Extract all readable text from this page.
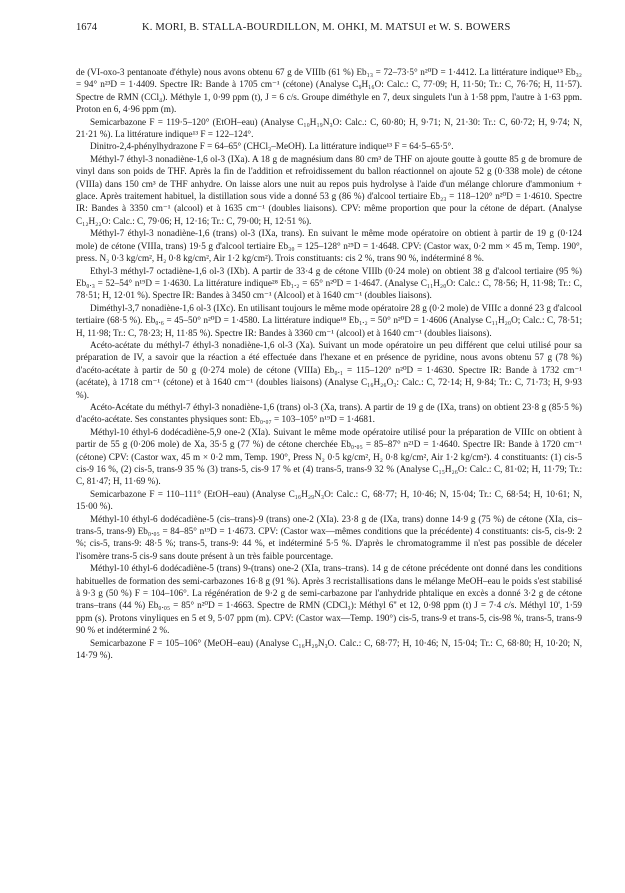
1674	K. MORI, B. STALLA-BOURDILLON, M. OHKI, M. MATSUI et W. S. BOWERS

de (VI-oxo-3 pentanoate d'éthyle) nous avons obtenu 67 g de VIIIb (61 %) Eb₁₃ = 72–73·5° n²⁰D = 1·4412. La littérature indique¹³ Eb₃₂ = 94° n²³D = 1·4409. Spectre IR: Bande à 1705 cm⁻¹ (cétone) (Analyse C₉H₁₆O: Calc.: C, 77·09; H, 11·50; Tr.: C, 76·76; H, 11·57). Spectre de RMN (CCl₄). Méthyle 1, 0·99 ppm (t), J = 6 c/s. Groupe diméthyle en 7, deux singulets l'un à 1·58 ppm, l'autre à 1·63 ppm. Proton en 6, 4·96 ppm (m).

Semicarbazone F = 119·5–120° (EtOH–eau) (Analyse C₁₀H₁₉N₃O: Calc.: C, 60·80; H, 9·71; N, 21·30: Tr.: C, 60·72; H, 9·74; N, 21·21 %). La littérature indique¹³ F = 122–124°.

Dinitro-2,4-phénylhydrazone F = 64–65° (CHCl₃–MeOH). La littérature indique¹³ F = 64·5–65·5°.

Méthyl-7 éthyl-3 nonadiène-1,6 ol-3 (IXa). A 18 g de magnésium dans 80 cm³ de THF on ajoute goutte à goutte 85 g de bromure de vinyl dans son poids de THF. Après la fin de l'addition et refroidissement du ballon réactionnel on ajoute 52 g (0·338 mole) de cétone (VIIIa) dans 150 cm³ de THF anhydre. On laisse alors une nuit au repos puis hydrolyse à l'aide d'un mélange chlorure d'ammonium + glace. Après traitement habituel, la distillation sous vide a donné 53 g (86 %) d'alcool tertiaire Eb₂₃ = 118–120° n²⁰D = 1·4610. Spectre IR: Bandes à 3350 cm⁻¹ (alcool) et à 1635 cm⁻¹ (doubles liaisons). CPV: même proportion que pour la cétone de départ. (Analyse C₁₂H₂₂O: Calc.: C, 79·06; H, 12·16; Tr.: C, 79·00; H, 12·51 %).

Méthyl-7 éthyl-3 nonadiène-1,6 (trans) ol-3 (IXa, trans). En suivant le même mode opératoire on obtient à partir de 19 g (0·124 mole) de cétone (VIIIa, trans) 19·5 g d'alcool tertiaire Eb₃₀ = 125–128° n²⁵D = 1·4648. CPV: (Castor wax, 0·2 mm × 45 m, Temp. 190°, press. N₂ 0·3 kg/cm², H₂ 0·8 kg/cm², Air 1·2 kg/cm²). Trois constituants: cis 2 %, trans 90 %, indéterminé 8 %.

Ethyl-3 méthyl-7 octadiène-1,6 ol-3 (IXb). A partir de 33·4 g de cétone VIIIb (0·24 mole) on obtient 38 g d'alcool tertiaire (95 %) Eb₀.₃ = 52–54° n¹⁹D = 1·4630. La littérature indique²⁸ Eb₁.₂ = 65° n²⁰D = 1·4647. (Analyse C₁₁H₂₀O: Calc.: C, 78·56; H, 11·98; Tr.: C, 78·51; H, 12·01 %). Spectre IR: Bandes à 3450 cm⁻¹ (Alcool) et à 1640 cm⁻¹ (doubles liaisons).

Diméthyl-3,7 nonadiène-1,6 ol-3 (IXc). En utilisant toujours le même mode opératoire 28 g (0·2 mole) de VIIIc a donné 23 g d'alcool tertiaire (68·5 %). Eb₀.₆ = 45–50° n²⁰D = 1·4580. La littérature indique¹⁸ Eb₁.₂ = 50° n²⁰D = 1·4606 (Analyse C₁₁H₂₀O; Calc.: C, 78·51; H, 11·98; Tr.: C, 78·23; H, 11·85 %). Spectre IR: Bandes à 3360 cm⁻¹ (alcool) et à 1640 cm⁻¹ (doubles liaisons).

Acéto-acétate du méthyl-7 éthyl-3 nonadiène-1,6 ol-3 (Xa). Suivant un mode opératoire un peu différent que celui utilisé pour sa préparation de IV, a savoir que la réaction a été effectuée dans l'hexane et en présence de pyridine, nous avons obtenu 57 g (78 %) d'acéto-acétate à partir de 50 g (0·274 mole) de cétone (VIIIa) Eb₀.₁ = 115–120° n²⁰D = 1·4630. Spectre IR: Bande à 1732 cm⁻¹ (acétate), à 1718 cm⁻¹ (cétone) et à 1640 cm⁻¹ (doubles liaisons) (Analyse C₁₆H₂₆O₃: Calc.: C, 72·14; H, 9·84; Tr.: C, 71·73; H, 9·93 %).

Acéto-Acétate du méthyl-7 éthyl-3 nonadiène-1,6 (trans) ol-3 (Xa, trans). A partir de 19 g de (IXa, trans) on obtient 23·8 g (85·5 %) d'acéto-acétate. Ses constantes physiques sont: Eb₀.₀₇ = 103–105° n¹⁹D = 1·4681.

Méthyl-10 éthyl-6 dodécadiène-5,9 one-2 (XIa). Suivant le même mode opératoire utilisé pour la préparation de VIIIc on obtient à partir de 55 g (0·206 mole) de Xa, 35·5 g (77 %) de cétone cherchée Eb₀.₀₅ = 85–87° n²¹D = 1·4640. Spectre IR: Bande à 1720 cm⁻¹ (cétone) CPV: (Castor wax, 45 m × 0·2 mm, Temp. 190°, Press N₂ 0·5 kg/cm², H₂ 0·8 kg/cm², Air 1·2 kg/cm²). 4 constituants: (1) cis-5 cis-9 16 %, (2) cis-5, trans-9 35 % (3) trans-5, cis-9 17 % et (4) trans-5, trans-9 32 % (Analyse C₁₅H₂₆O: Calc.: C, 81·02; H, 11·79; Tr.: C, 81·47; H, 11·69 %).

Semicarbazone F = 110–111° (EtOH–eau) (Analyse C₁₆H₂₉N₃O: Calc.: C, 68·77; H, 10·46; N, 15·04; Tr.: C, 68·54; H, 10·61; N, 15·00 %).

Méthyl-10 éthyl-6 dodécadiène-5 (cis–trans)-9 (trans) one-2 (XIa). 23·8 g de (IXa, trans) donne 14·9 g (75 %) de cétone (XIa, cis–trans-5, trans-9) Eb₀.₀₅ = 84–85° n¹⁹D = 1·4673. CPV: (Castor wax—mêmes conditions que la précédente) 4 constituants: cis-5, cis-9: 2 %; cis-5, trans-9: 48·5 %; trans-5, trans-9: 44 %, et indéterminé 5·5 %. D'après le chromatogramme il n'est pas possible de déceler l'isomère trans-5 cis-9 sans doute présent à un très faible pourcentage.

Méthyl-10 éthyl-6 dodécadiène-5 (trans) 9-(trans) one-2 (XIa, trans–trans). 14 g de cétone précédente ont donné dans les conditions habituelles de formation des semi-carbazones 16·8 g (91 %). Après 3 recristallisations dans le mélange MeOH–eau le poids s'est stabilisé à 9·3 g (50 %) F = 104–106°. La régénération de 9·2 g de semi-carbazone par l'anhydride phtalique en excès a donné 3·2 g de cétone trans–trans (44 %) Eb₀.₀₅ = 85° n²⁰D = 1·4663. Spectre de RMN (CDCl₃): Méthyl 6'' et 12, 0·98 ppm (t) J = 7·4 c/s. Méthyl 10', 1·59 ppm (s). Protons vinyliques en 5 et 9, 5·07 ppm (m). CPV: (Castor wax—Temp. 190°) cis-5, trans-9 et trans-5, cis-98 %, trans-5, trans-9 90 % et indéterminé 2 %.

Semicarbazone F = 105–106° (MeOH–eau) (Analyse C₁₆H₂₉N₃O. Calc.: C, 68·77; H, 10·46; N, 15·04; Tr.: C, 68·80; H, 10·20; N, 14·79 %).
